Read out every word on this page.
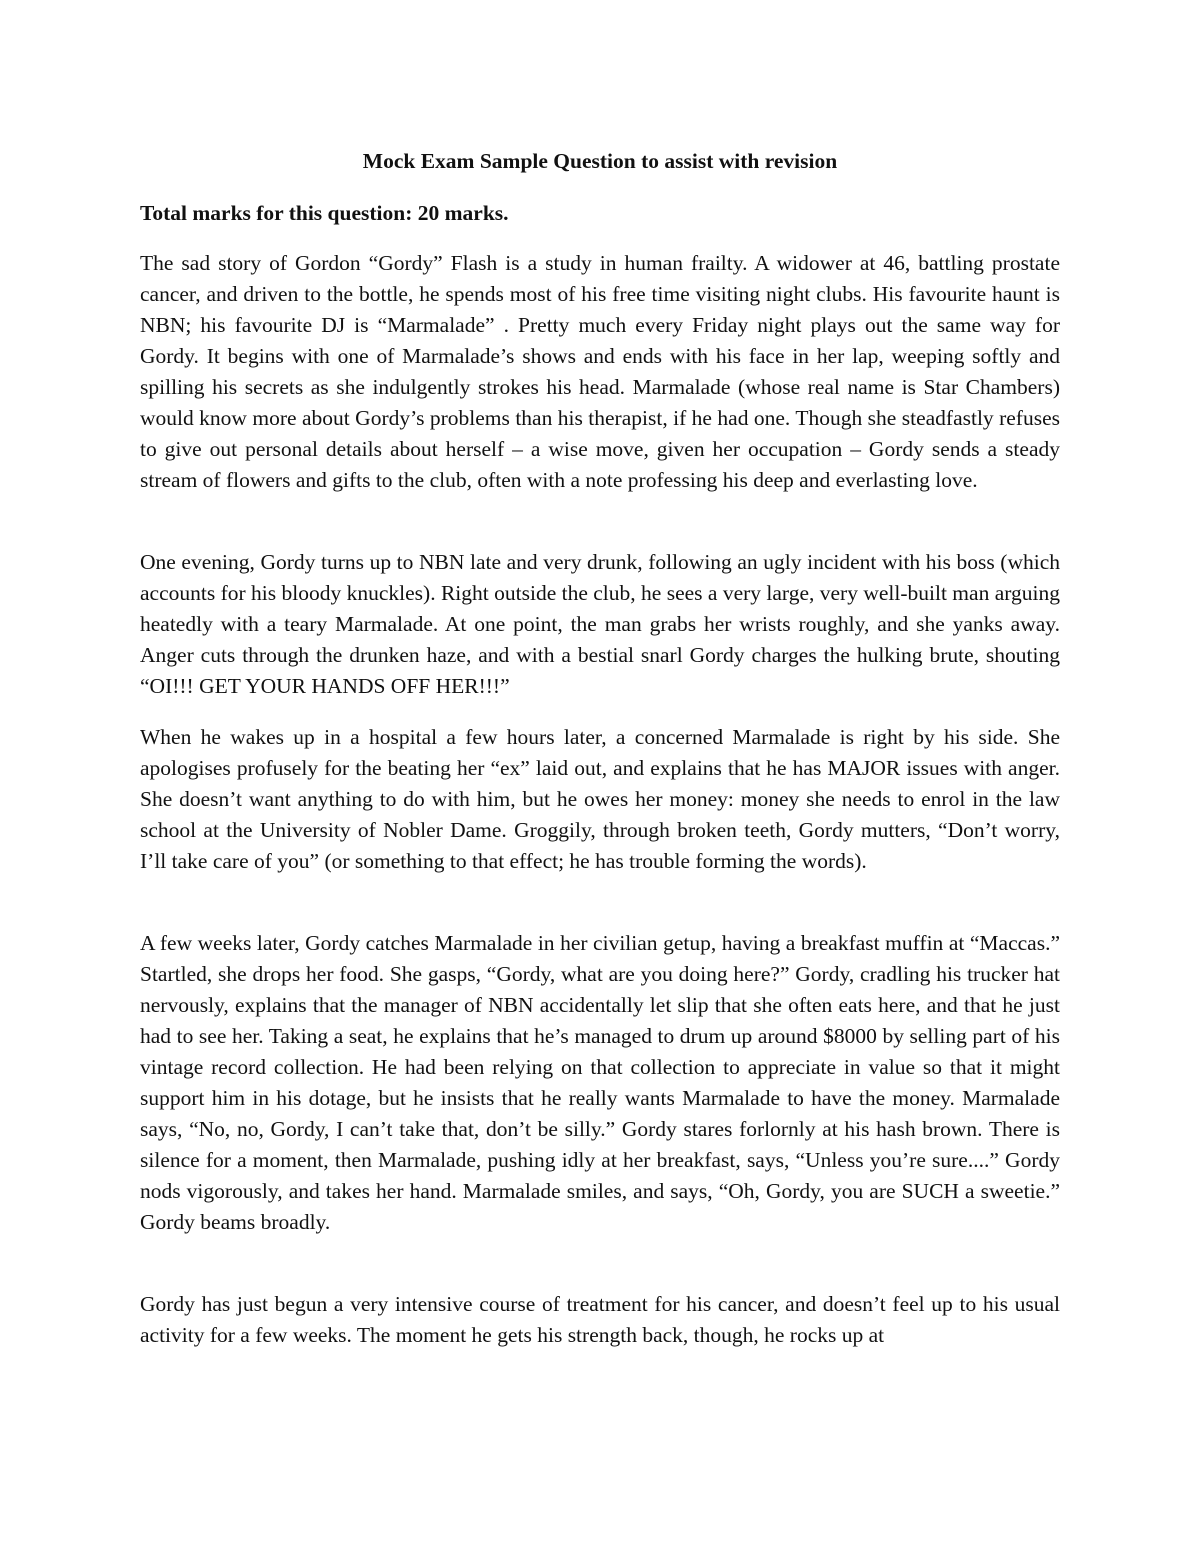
Mock Exam Sample Question to assist with revision

Total marks for this question: 20 marks.

The sad story of Gordon “Gordy” Flash is a study in human frailty. A widower at 46, battling prostate cancer, and driven to the bottle, he spends most of his free time visiting night clubs. His favourite haunt is NBN; his favourite DJ is “Marmalade” . Pretty much every Friday night plays out the same way for Gordy. It begins with one of Marmalade’s shows and ends with his face in her lap, weeping softly and spilling his secrets as she indulgently strokes his head. Marmalade (whose real name is Star Chambers) would know more about Gordy’s problems than his therapist, if he had one. Though she steadfastly refuses to give out personal details about herself – a wise move, given her occupation – Gordy sends a steady stream of flowers and gifts to the club, often with a note professing his deep and everlasting love.

One evening, Gordy turns up to NBN late and very drunk, following an ugly incident with his boss (which accounts for his bloody knuckles). Right outside the club, he sees a very large, very well-built man arguing heatedly with a teary Marmalade. At one point, the man grabs her wrists roughly, and she yanks away. Anger cuts through the drunken haze, and with a bestial snarl Gordy charges the hulking brute, shouting “OI!!! GET YOUR HANDS OFF HER!!!”

When he wakes up in a hospital a few hours later, a concerned Marmalade is right by his side. She apologises profusely for the beating her “ex” laid out, and explains that he has MAJOR issues with anger. She doesn’t want anything to do with him, but he owes her money: money she needs to enrol in the law school at the University of Nobler Dame. Groggily, through broken teeth, Gordy mutters, “Don’t worry, I’ll take care of you” (or something to that effect; he has trouble forming the words).

A few weeks later, Gordy catches Marmalade in her civilian getup, having a breakfast muffin at “Maccas.” Startled, she drops her food. She gasps, “Gordy, what are you doing here?” Gordy, cradling his trucker hat nervously, explains that the manager of NBN accidentally let slip that she often eats here, and that he just had to see her. Taking a seat, he explains that he’s managed to drum up around $8000 by selling part of his vintage record collection. He had been relying on that collection to appreciate in value so that it might support him in his dotage, but he insists that he really wants Marmalade to have the money. Marmalade says, “No, no, Gordy, I can’t take that, don’t be silly.” Gordy stares forlornly at his hash brown. There is silence for a moment, then Marmalade, pushing idly at her breakfast, says, “Unless you’re sure....” Gordy nods vigorously, and takes her hand. Marmalade smiles, and says, “Oh, Gordy, you are SUCH a sweetie.” Gordy beams broadly.

Gordy has just begun a very intensive course of treatment for his cancer, and doesn’t feel up to his usual activity for a few weeks. The moment he gets his strength back, though, he rocks up at
